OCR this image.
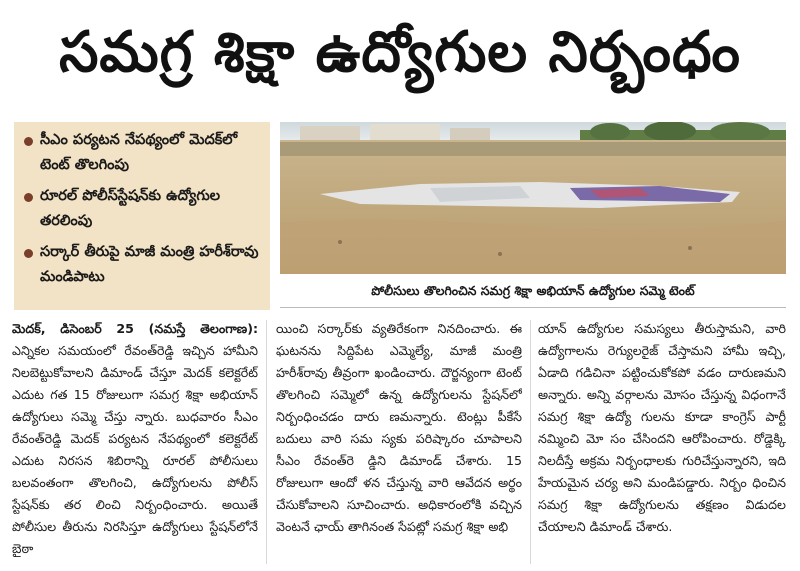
సమగ్ర శిక్షా ఉద్యోగుల నిర్బంధం
సీఎం పర్యటన నేపథ్యంలో మెదక్‌లో టెంట్‌ తొలగింపు
రూరల్‌ పోలీస్‌స్టేషన్‌కు ఉద్యోగుల తరలింపు
సర్కార్‌ తీరుపై మాజీ మంత్రి హరీశ్‌రావు మండిపాటు
పోలీసులు తొలగించిన సమగ్ర శిక్షా అభియాన్‌ ఉద్యోగుల సమ్మె టెంట్‌

మెదక్‌, డిసెంబర్‌ 25 (నమస్తే తెలంగాణ): ఎన్నికల సమయంలో రేవంత్‌రెడ్డి ఇచ్చిన హామీని నిలబెట్టుకోవాలని డిమాండ్‌ చేస్తూ మెదక్‌ కలెక్టరేట్‌ ఎదుట గత 15 రోజులుగా సమగ్ర శిక్షా అభియాన్‌ ఉద్యోగులు సమ్మె చేస్తు న్నారు. బుధవారం సీఎం రేవంత్‌రెడ్డి మెదక్‌ పర్యటన నేపథ్యంలో కలెక్టరేట్‌ ఎదుట నిరసన శిబిరాన్ని రూరల్‌ పోలీసులు బలవంతంగా తొలగించి, ఉద్యోగులను పోలీస్‌ స్టేషన్‌కు తర లించి నిర్బంధించారు. అయితే పోలీసుల తీరును నిరసిస్తూ ఉద్యోగులు స్టేషన్‌లోనే బైఠా

యించి సర్కార్‌కు వ్యతిరేకంగా నినదించారు. ఈ ఘటనను సిద్దిపేట ఎమ్మెల్యే, మాజీ మంత్రి హరీశ్‌రావు తీవ్రంగా ఖండించారు. దౌర్జన్యంగా టెంట్‌ తొలగించి సమ్మెలో ఉన్న ఉద్యోగులను స్టేషన్‌లో నిర్బంధించడం దారు ణమన్నారు. టెంట్లు పీకేసే బదులు వారి సమ స్యకు పరిష్కారం చూపాలని సీఎం రేవంత్‌రె డ్డిని డిమాండ్‌ చేశారు. 15 రోజులుగా ఆందో ళన చేస్తున్న వారి ఆవేదన అర్థం చేసుకోవాలని సూచించారు. అధికారంలోకి వచ్చిన వెంటనే ఛాయ్‌ తాగినంత సేపట్లో సమగ్ర శిక్షా అభి

యాన్‌ ఉద్యోగుల సమస్యలు తీరుస్తామని, వారి ఉద్యోగాలను రెగ్యులరైజ్‌ చేస్తామని హామీ ఇచ్చి, ఏడాది గడిచినా పట్టించుకోకపో వడం దారుణమని అన్నారు. అన్ని వర్గాలను మోసం చేస్తున్న విధంగానే సమగ్ర శిక్షా ఉద్యో గులను కూడా కాంగ్రెస్‌ పార్టీ నమ్మించి మో సం చేసిందని ఆరోపించారు. రోడ్డెక్కి నిలదీస్తే అక్రమ నిర్బంధాలకు గురిచేస్తున్నారని, ఇది హేయమైన చర్య అని మండిపడ్డారు. నిర్బం ధించిన సమగ్ర శిక్షా ఉద్యోగులను తక్షణం విడుదల చేయాలని డిమాండ్‌ చేశారు.
